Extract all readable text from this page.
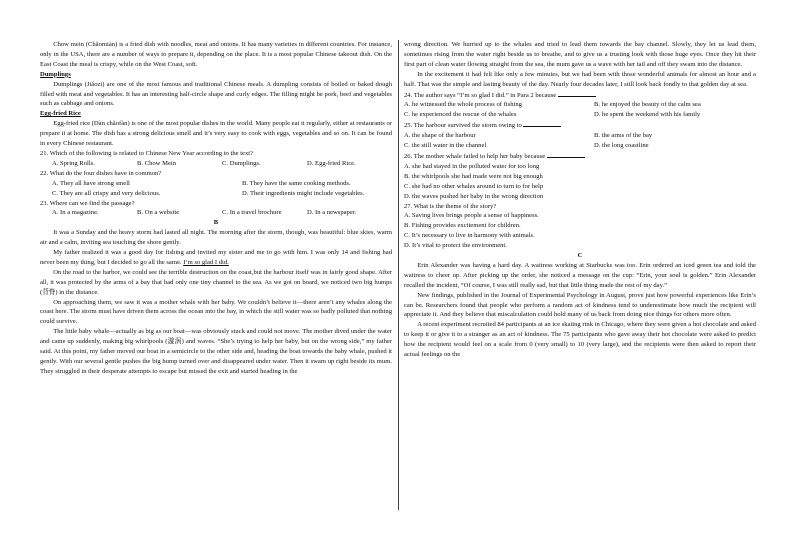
Chow mein (Chǎomiàn) is a fried dish with noodles, meat and onions. It has many varieties in different countries. For instance, only in the USA, there are a number of ways to prepare it, depending on the place. It is a most popular Chinese takeout dish. On the East Coast the meal is crispy, while on the West Coast, soft.

Dumplings

Dumplings (Jiǎozi) are one of the most famous and traditional Chinese meals. A dumpling consists of boiled or baked dough filled with meat and vegetables. It has an interesting half-circle shape and curly edges. The filling might be pork, beef and vegetables such as cabbage and onions.

Egg-fried Rice

Egg-fried rice (Dàn chǎofàn) is one of the most popular dishes in the world. Many people eat it regularly, either at restaurants or prepare it at home. The dish has a strong delicious smell and it’s very easy to cook with eggs, vegetables and so on. It can be found in every Chinese restaurant.

21. Which of the following is related to Chinese New Year according to the text?

A. Spring Rolls.	B. Chow Mein	C. Dumplings.	D. Egg-fried Rice.

22. What do the four dishes have in common?

A. They all have strong smell	B. They have the same cooking methods.
C. They are all crispy and very delicious.	D. Their ingredients might include vegetables.

23. Where can we find the passage?

A. In a magazine.	B. On a website	C. In a travel brochure	D. In a newspaper.

B

It was a Sunday and the heavy storm had lasted all night. The morning after the storm, though, was beautiful: blue skies, warm air and a calm, inviting sea touching the shore gently.

My father realized it was a good day for fishing and invited my sister and me to go with him. I was only 14 and fishing had never been my thing, but I decided to go all the same. I’m so glad I did.

On the road to the harbor, we could see the terrible destruction on the coast,but the harbour itself was in fairly good shape. After all, it was protected by the arms of a bay that had only one tiny channel to the sea. As we got on board, we noticed two big humps (背脊) in the distance.

On approaching them, we saw it was a mother whale with her baby. We couldn’t believe it—there aren’t any whales along the coast here. The storm must have driven them across the ocean into the bay, in which the still water was so badly polluted that nothing could survive.

The little baby whale—actually as big as our boat—was obviously stuck and could not move. The mother dived under the water and came up suddenly, making big whirlpools (漩涡) and waves. “She’s trying to help her baby, but on the wrong side,” my father said. At this point, my father moved our boat in a semicircle to the other side and, heading the boat towards the baby whale, pushed it gently. With our several gentle pushes the big hump turned over and disappeared under water. Then it swam up right beside its mum. They struggled in their desperate attempts to escape but missed the exit and started heading in the

wrong direction. We hurried up to the whales and tried to lead them towards the bay channel. Slowly, they let us lead them, sometimes rising from the water right beside us to breathe, and to give us a trusting look with those huge eyes. Once they hit their first part of clean water flowing straight from the sea, the mum gave us a wave with her tail and off they swam into the distance.

In the excitement it had felt like only a few minutes, but we had been with those wonderful animals for almost an hour and a half. That was the simple and lasting beauty of the day. Nearly four decades later, I still look back fondly to that golden day at sea.

24. The author says “I’m so glad I did.” in Para 2 because

A. he witnessed the whole process of fishing	B. he enjoyed the beauty of the calm sea
C. he experienced the rescue of the whales	D. he spent the weekend with his family

25. The harbour survived the storm owing to

A. the shape of the harbour	B. the arms of the bay
C. the still water in the channel	D. the long coastline

26. The mother whale failed to help her baby because

A. she had stayed in the polluted water for too long

B. the whirlpools she had made were not big enough

C. she had no other whales around to turn to for help

D. the waves pushed her baby in the wrong direction

27. What is the theme of the story?

A. Saving lives brings people a sense of happiness.

B. Fishing provides excitement for children.

C. It’s necessary to live in harmony with animals.

D. It’s vital to protect the environment.

C

Erin Alexander was having a hard day. A waitress working at Starbucks was too. Erin ordered an iced green tea and told the waitress to cheer up. After picking up the order, she noticed a message on the cup: “Erin, your soul is golden.” Erin Alexander recalled the incident, “Of course, I was still really sad, but that little thing made the rest of my day.”

New findings, published in the Journal of Experimental Psychology in August, prove just how powerful experiences like Erin’s can be. Researchers found that people who perform a random act of kindness tend to underestimate how much the recipient will appreciate it. And they believe that miscalculation could hold many of us back from doing nice things for others more often.

A recent experiment recruited 84 participants at an ice skating rink in Chicago, where they were given a hot chocolate and asked to keep it or give it to a stranger as an act of kindness. The 75 participants who gave away their hot chocolate were asked to predict how the recipient would feel on a scale from 0 (very small) to 10 (very large), and the recipients were then asked to report their actual feelings on the
